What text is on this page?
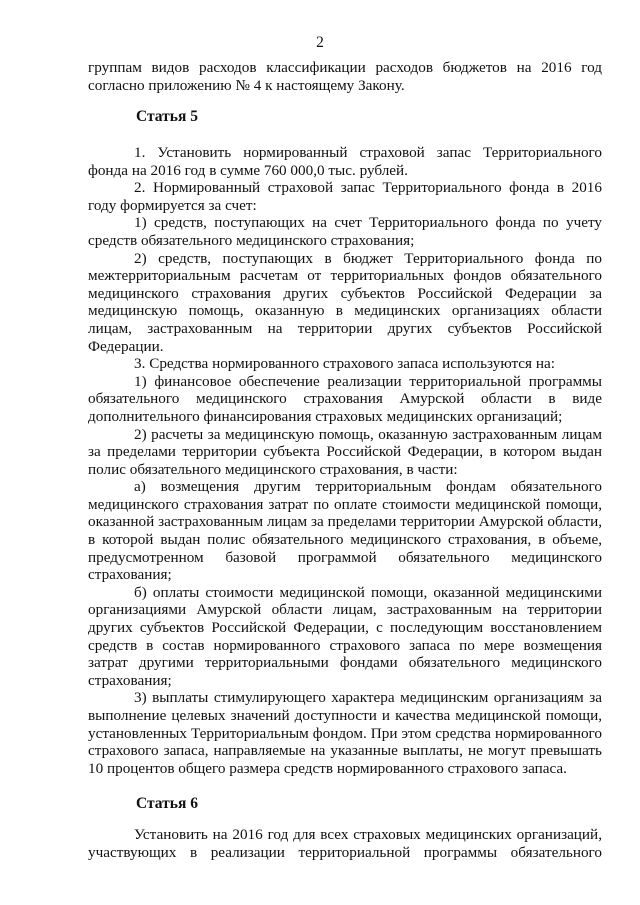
2

группам видов расходов классификации расходов бюджетов на 2016 год согласно приложению № 4 к настоящему Закону.

Статья 5

1. Установить нормированный страховой запас Территориального фонда на 2016 год в сумме 760 000,0 тыс. рублей.

2. Нормированный страховой запас Территориального фонда в 2016 году формируется за счет:

1) средств, поступающих на счет Территориального фонда по учету средств обязательного медицинского страхования;

2) средств, поступающих в бюджет Территориального фонда по межтерриториальным расчетам от территориальных фондов обязательного медицинского страхования других субъектов Российской Федерации за медицинскую помощь, оказанную в медицинских организациях области лицам, застрахованным на территории других субъектов Российской Федерации.

3. Средства нормированного страхового запаса используются на:

1) финансовое обеспечение реализации территориальной программы обязательного медицинского страхования Амурской области в виде дополнительного финансирования страховых медицинских организаций;

2) расчеты за медицинскую помощь, оказанную застрахованным лицам за пределами территории субъекта Российской Федерации, в котором выдан полис обязательного медицинского страхования, в части:

а) возмещения другим территориальным фондам обязательного медицинского страхования затрат по оплате стоимости медицинской помощи, оказанной застрахованным лицам за пределами территории Амурской области, в которой выдан полис обязательного медицинского страхования, в объеме, предусмотренном базовой программой обязательного медицинского страхования;

б) оплаты стоимости медицинской помощи, оказанной медицинскими организациями Амурской области лицам, застрахованным на территории других субъектов Российской Федерации, с последующим восстановлением средств в состав нормированного страхового запаса по мере возмещения затрат другими территориальными фондами обязательного медицинского страхования;

3) выплаты стимулирующего характера медицинским организациям за выполнение целевых значений доступности и качества медицинской помощи, установленных Территориальным фондом. При этом средства нормированного страхового запаса, направляемые на указанные выплаты, не могут превышать 10 процентов общего размера средств нормированного страхового запаса.

Статья 6

Установить на 2016 год для всех страховых медицинских организаций, участвующих в реализации территориальной программы обязательного
